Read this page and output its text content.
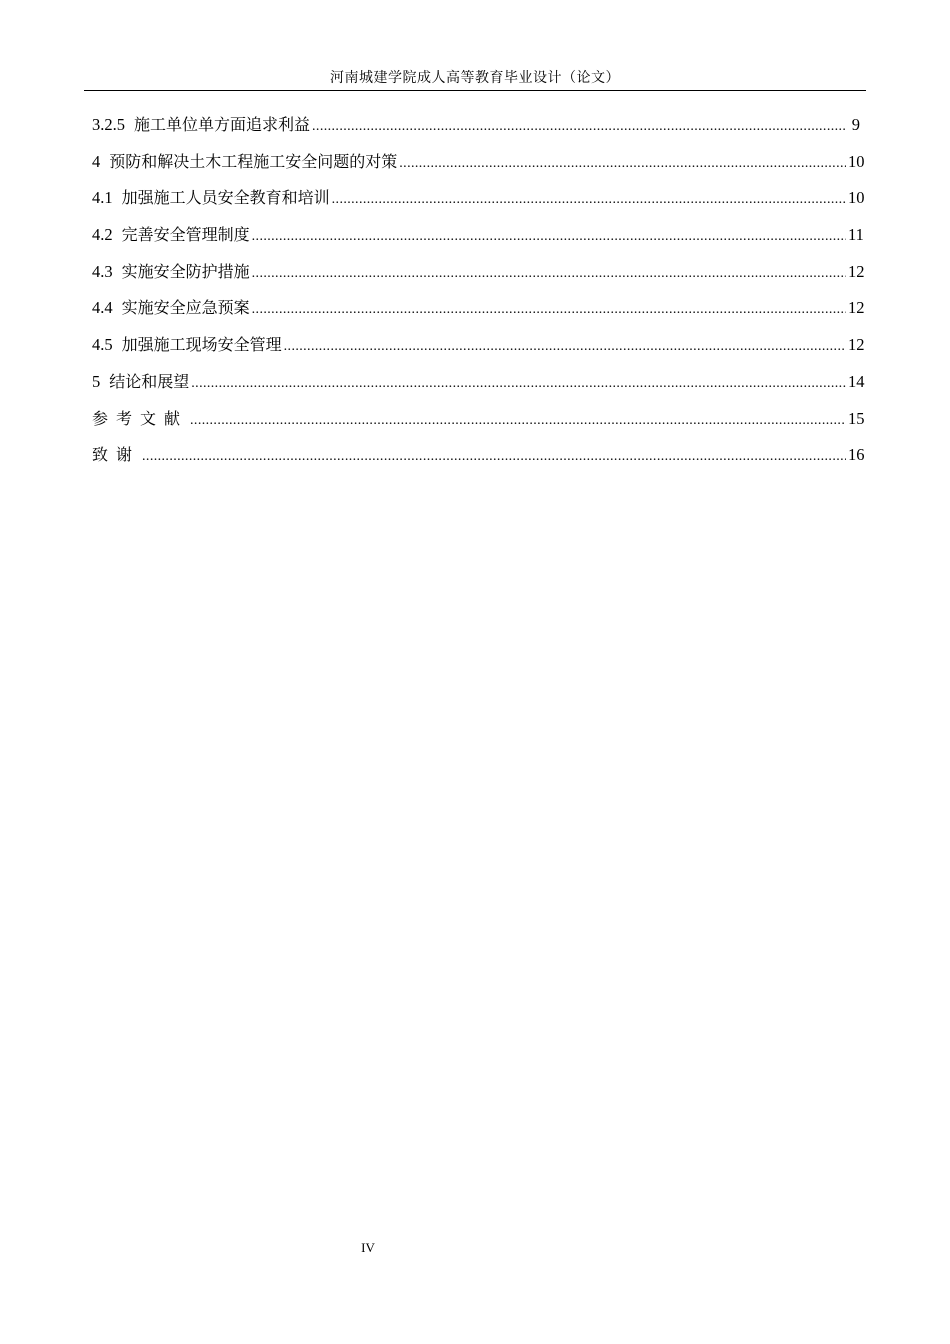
河南城建学院成人高等教育毕业设计（论文）
3.2.5 施工单位单方面追求利益 .....	9
4 预防和解决土木工程施工安全问题的对策 .....	10
4.1 加强施工人员安全教育和培训 .....	10
4.2 完善安全管理制度 .....	11
4.3 实施安全防护措施 .....	12
4.4 实施安全应急预案 .....	12
4.5 加强施工现场安全管理 .....	12
5 结论和展望 .....	14
参考文献 .....	15
致谢 .....	16
IV
